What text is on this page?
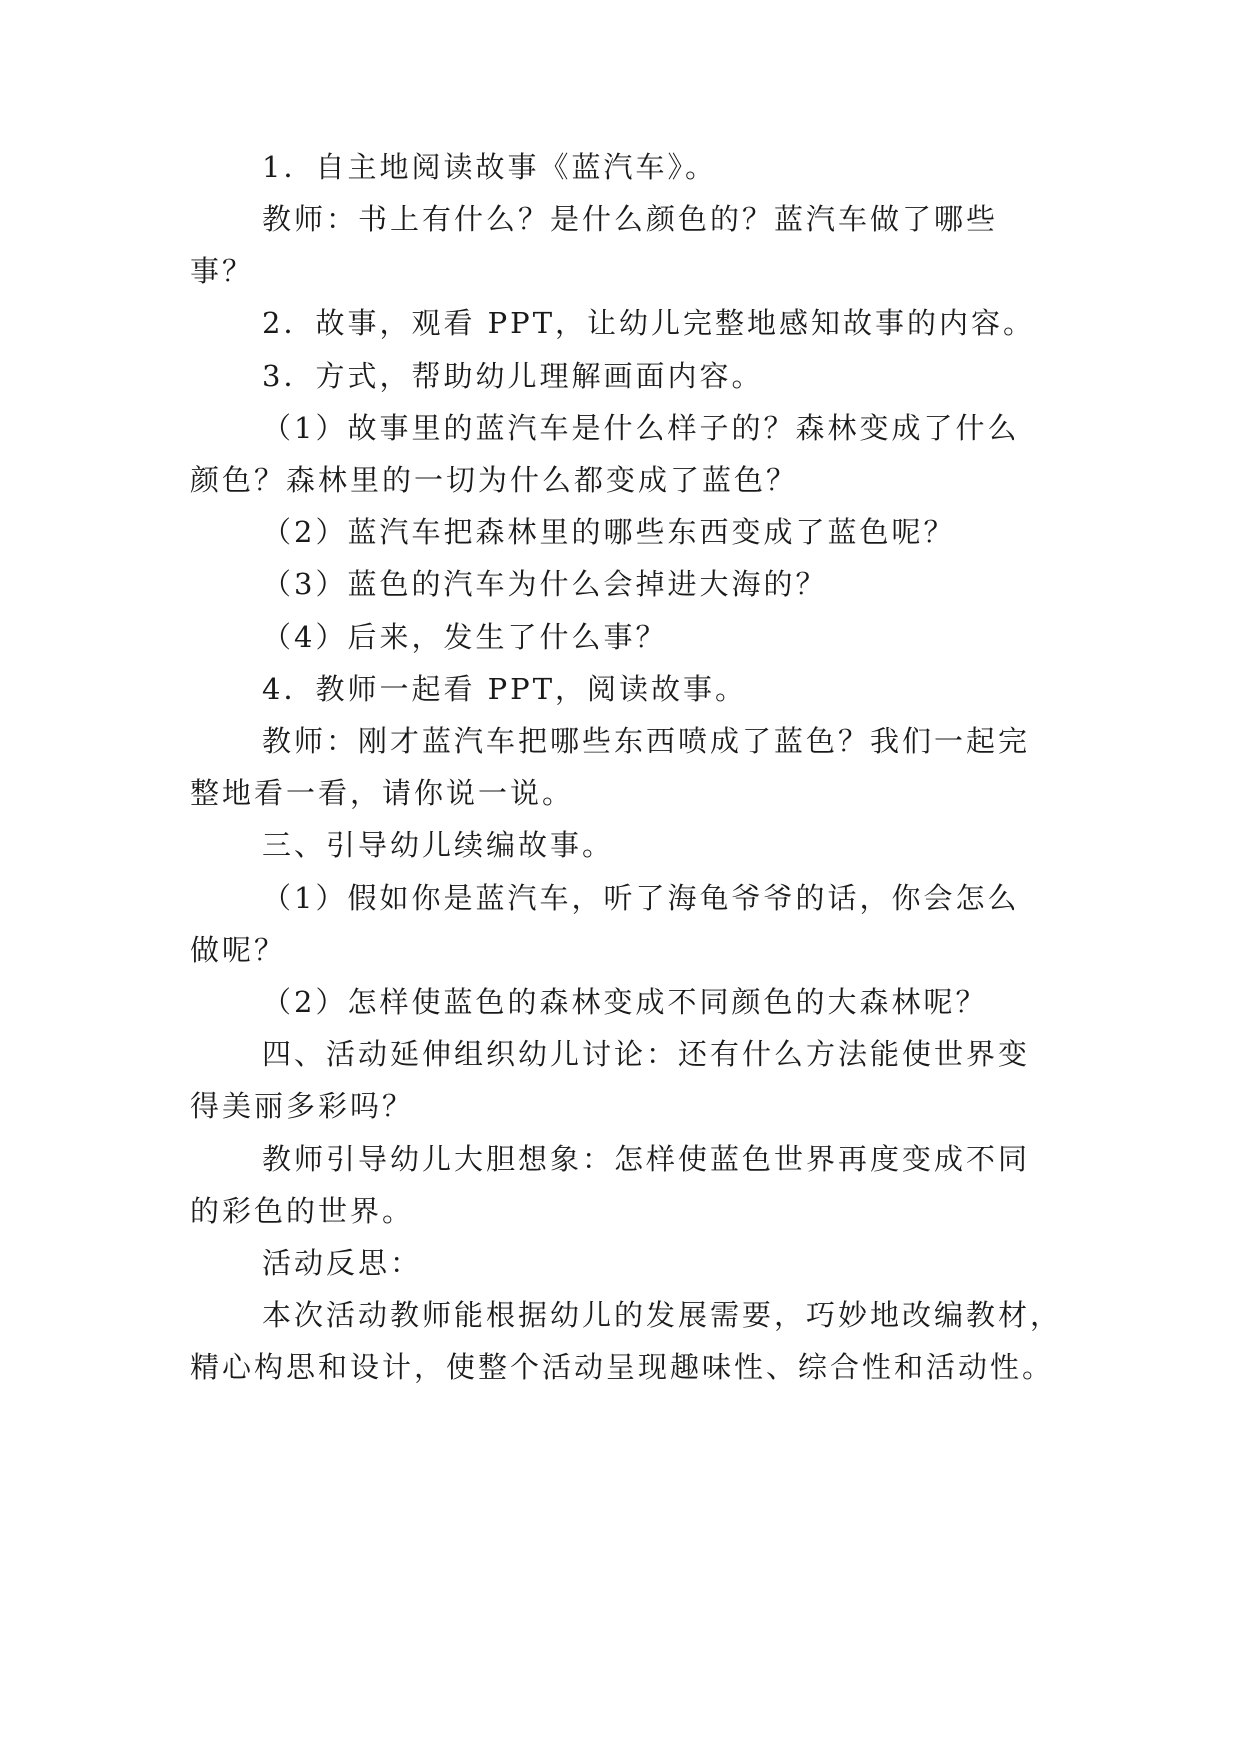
1．自主地阅读故事《蓝汽车》。
教师：书上有什么？是什么颜色的？蓝汽车做了哪些
事？
2．故事，观看 PPT，让幼儿完整地感知故事的内容。
3．方式，帮助幼儿理解画面内容。
（1）故事里的蓝汽车是什么样子的？森林变成了什么
颜色？森林里的一切为什么都变成了蓝色？
（2）蓝汽车把森林里的哪些东西变成了蓝色呢？
（3）蓝色的汽车为什么会掉进大海的？
（4）后来，发生了什么事？
4．教师一起看 PPT，阅读故事。
教师：刚才蓝汽车把哪些东西喷成了蓝色？我们一起完
整地看一看，请你说一说。
三、引导幼儿续编故事。
（1）假如你是蓝汽车，听了海龟爷爷的话，你会怎么
做呢？
（2）怎样使蓝色的森林变成不同颜色的大森林呢？
四、活动延伸组织幼儿讨论：还有什么方法能使世界变
得美丽多彩吗？
教师引导幼儿大胆想象：怎样使蓝色世界再度变成不同
的彩色的世界。
活动反思：
本次活动教师能根据幼儿的发展需要，巧妙地改编教材，
精心构思和设计，使整个活动呈现趣味性、综合性和活动性。
